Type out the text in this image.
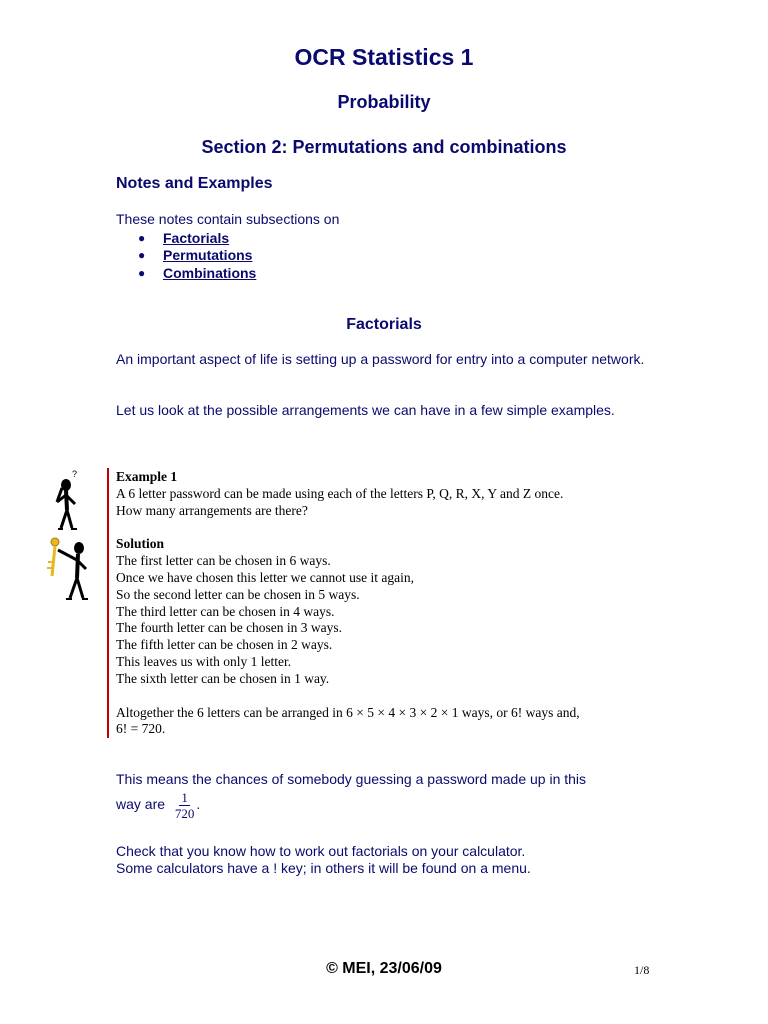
OCR Statistics 1
Probability
Section 2: Permutations and combinations
Notes and Examples

These notes contain subsections on

●	Factorials
●	Permutations
●	Combinations
Factorials

An important aspect of life is setting up a password for entry into a computer network.

Let us look at the possible arrangements we can have in a few simple examples.

?	Example 1
A 6 letter password can be made using each of the letters P, Q, R, X, Y and Z once.
How many arrangements are there?
Solution
The first letter can be chosen in 6 ways.
Once we have chosen this letter we cannot use it again,
So the second letter can be chosen in 5 ways.
The third letter can be chosen in 4 ways.
The fourth letter can be chosen in 3 ways.
The fifth letter can be chosen in 2 ways.
This leaves us with only 1 letter.
The sixth letter can be chosen in 1 way.
Altogether the 6 letters can be arranged in 6 × 5 × 4 × 3 × 2 × 1 ways, or 6! ways and,
6! = 720.

This means the chances of somebody guessing a password made up in this

way are $\frac{1}{720}$ .

Check that you know how to work out factorials on your calculator.

Some calculators have a ! key; in others it will be found on a menu.

© MEI, 23/06/09	1/8
